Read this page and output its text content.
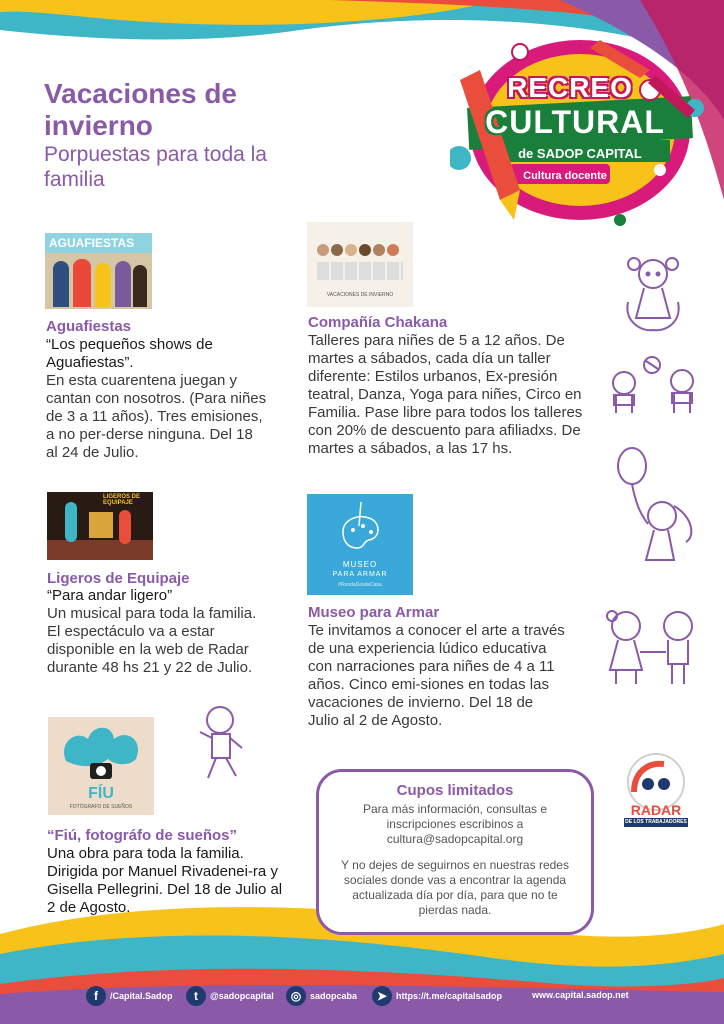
Vacaciones de invierno
Porpuestas para toda la familia
RECREO
CULTURAL
de SADOP CAPITAL
Cultura docente
AGUAFIESTAS
Aguafiestas
“Los pequeños shows de Aguafiestas”.
En esta cuarentena juegan y cantan con nosotros. (Para niñes de 3 a 11 años). Tres emisiones, a no per-derse ninguna. Del 18 al 24 de Julio.
LIGEROS DE EQUIPAJE
Ligeros de Equipaje
“Para andar ligero”
Un musical para toda la familia. El espectáculo va a estar disponible en la web de Radar durante 48 hs 21 y 22 de Julio.
FÍU
FOTÓGRAFO DE SUEÑOS
“Fiú, fotográfo de sueños”
Una obra para toda la familia. Dirigida por Manuel Rivadenei-ra y Gisella Pellegrini. Del 18 de Julio al 2 de Agosto.
VACACIONES DE INVIERNO
Compañía Chakana
Talleres para niñes de 5 a 12 años. De martes a sábados, cada día un taller diferente: Estilos urbanos, Ex-presión teatral, Danza, Yoga para niñes, Circo en Familia. Pase libre para todos los talleres con 20% de descuento para afiliadxs. De martes a sábados, a las 17 hs.
MUSEO
PARA ARMAR
#RondaDesdeCasa
Museo para Armar
Te invitamos a conocer el arte a través de una experiencia lúdico educativa con narraciones para niñes de 4 a 11 años. Cinco emi-siones en todas las vacaciones de invierno. Del 18 de Julio al 2 de Agosto.
Cupos limitados
Para más información, consultas e inscripciones escribinos a cultura@sadopcapital.org
Y no dejes de seguirnos en nuestras redes sociales donde vas a encontrar la agenda actualizada día por día, para que no te pierdas nada.
RADAR
DE LOS TRABAJADORES
f	/Capital.Sadop	t	@sadopcapital	◎ sadopcaba	➤ https://t.me/capitalsadop	www.capital.sadop.net
